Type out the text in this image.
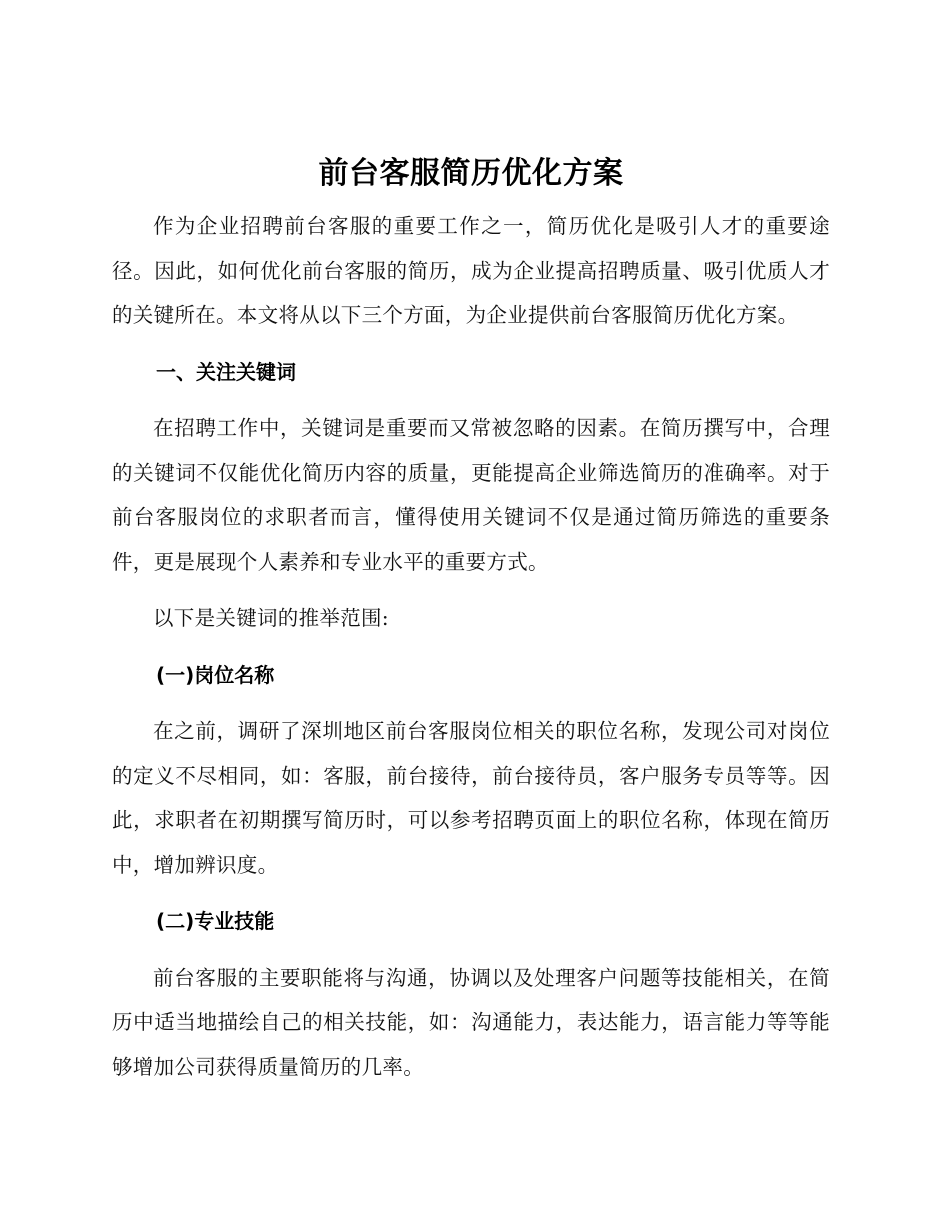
前台客服简历优化方案

作为企业招聘前台客服的重要工作之一，简历优化是吸引人才的重要途径。因此，如何优化前台客服的简历，成为企业提高招聘质量、吸引优质人才的关键所在。本文将从以下三个方面，为企业提供前台客服简历优化方案。

一、关注关键词

在招聘工作中，关键词是重要而又常被忽略的因素。在简历撰写中，合理的关键词不仅能优化简历内容的质量，更能提高企业筛选简历的准确率。对于前台客服岗位的求职者而言，懂得使用关键词不仅是通过简历筛选的重要条件，更是展现个人素养和专业水平的重要方式。

以下是关键词的推举范围:

(一)岗位名称

在之前，调研了深圳地区前台客服岗位相关的职位名称，发现公司对岗位的定义不尽相同，如：客服，前台接待，前台接待员，客户服务专员等等。因此，求职者在初期撰写简历时，可以参考招聘页面上的职位名称，体现在简历中，增加辨识度。

(二)专业技能

前台客服的主要职能将与沟通，协调以及处理客户问题等技能相关，在简历中适当地描绘自己的相关技能，如：沟通能力，表达能力，语言能力等等能够增加公司获得质量简历的几率。
